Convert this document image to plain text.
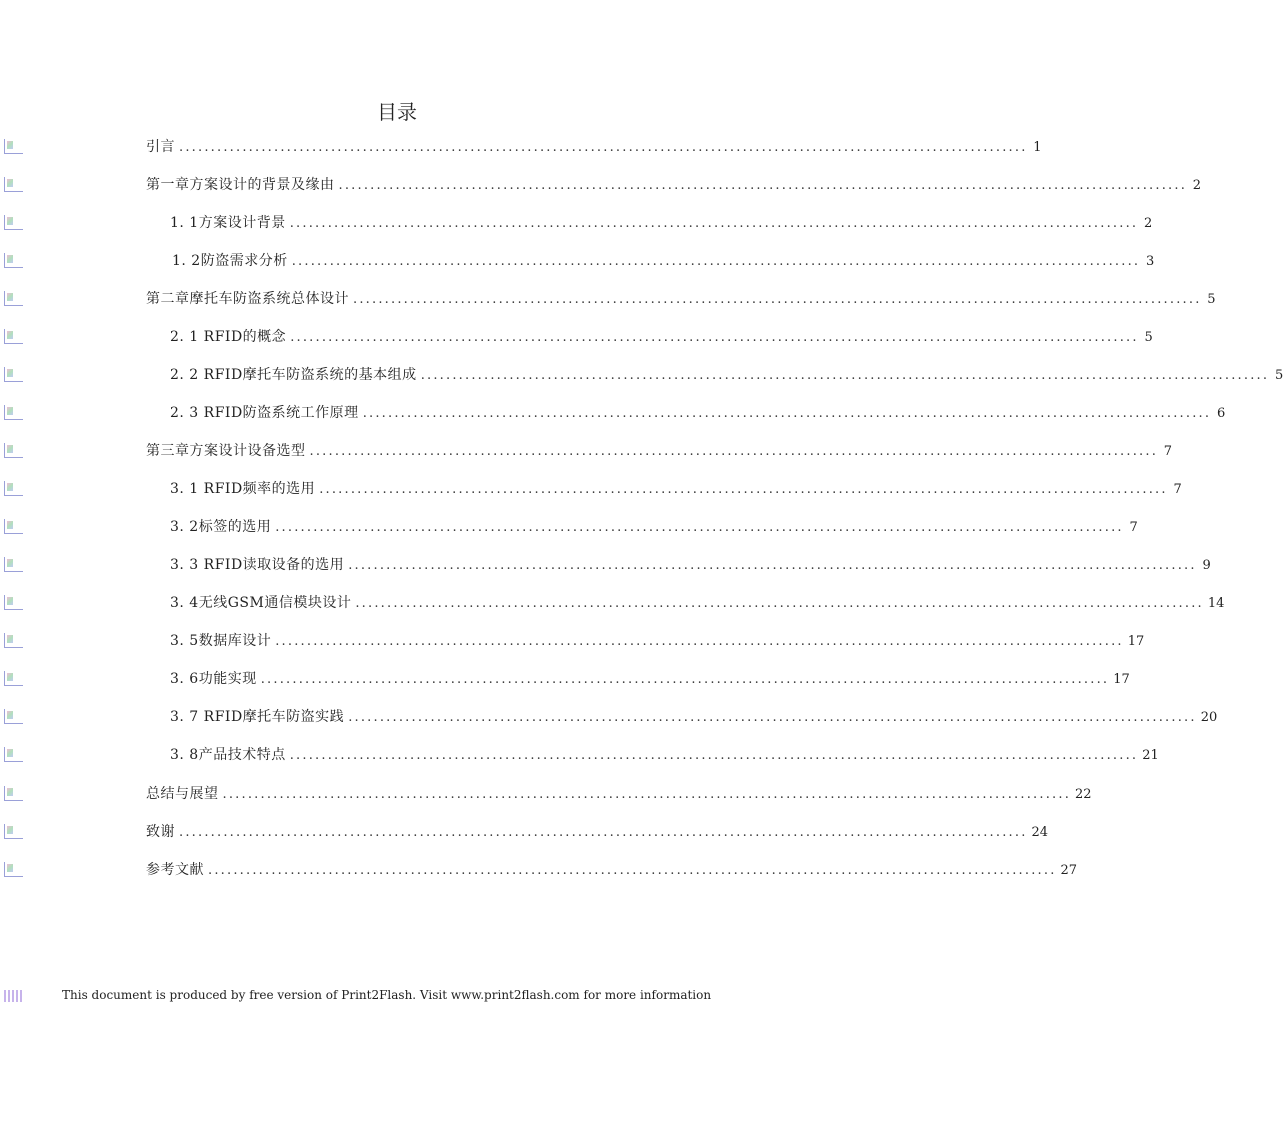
目录
引言 ...................................................................................................................................... 1
第一章方案设计的背景及缘由 ...................................................................................................................................... 2
1. 1方案设计背景 ...................................................................................................................................... 2
1. 2防盗需求分析 ...................................................................................................................................... 3
第二章摩托车防盗系统总体设计 ...................................................................................................................................... 5
2. 1 RFID的概念 ...................................................................................................................................... 5
2. 2 RFID摩托车防盗系统的基本组成 ...................................................................................................................................... 5
2. 3 RFID防盗系统工作原理 ...................................................................................................................................... 6
第三章方案设计设备选型 ...................................................................................................................................... 7
3. 1 RFID频率的选用 ...................................................................................................................................... 7
3. 2标签的选用 ...................................................................................................................................... 7
3. 3 RFID读取设备的选用 ...................................................................................................................................... 9
3. 4无线GSM通信模块设计 ...................................................................................................................................... 14
3. 5数据库设计 ...................................................................................................................................... 17
3. 6功能实现 ...................................................................................................................................... 17
3. 7 RFID摩托车防盗实践 ...................................................................................................................................... 20
3. 8产品技术特点 ...................................................................................................................................... 21
总结与展望 ...................................................................................................................................... 22
致谢 ...................................................................................................................................... 24
参考文献 ...................................................................................................................................... 27
This document is produced by free version of Print2Flash. Visit www.print2flash.com for more information
